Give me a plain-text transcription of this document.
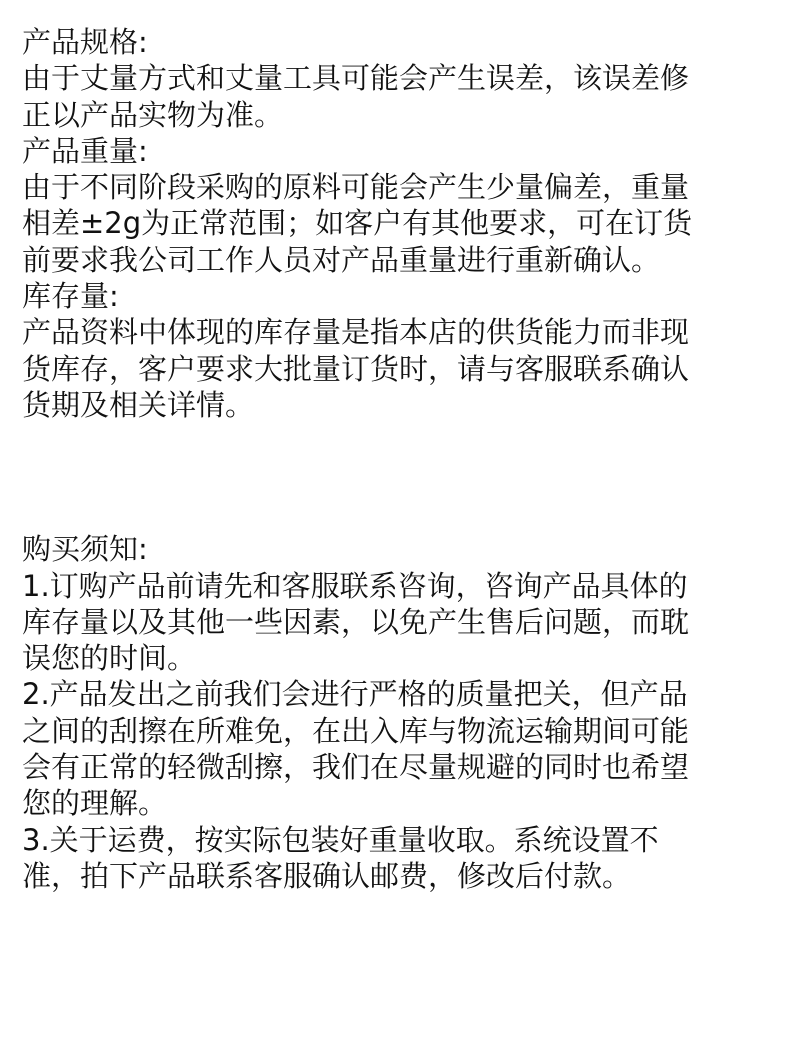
产品规格:
由于丈量方式和丈量工具可能会产生误差，该误差修
正以产品实物为准。
产品重量:
由于不同阶段采购的原料可能会产生少量偏差，重量
相差±2g为正常范围；如客户有其他要求，可在订货
前要求我公司工作人员对产品重量进行重新确认。
库存量:
产品资料中体现的库存量是指本店的供货能力而非现
货库存，客户要求大批量订货时，请与客服联系确认
货期及相关详情。
购买须知:
1.订购产品前请先和客服联系咨询，咨询产品具体的
库存量以及其他一些因素，以免产生售后问题，而耽
误您的时间。
2.产品发出之前我们会进行严格的质量把关，但产品
之间的刮擦在所难免，在出入库与物流运输期间可能
会有正常的轻微刮擦，我们在尽量规避的同时也希望
您的理解。
3.关于运费，按实际包装好重量收取。系统设置不
准，拍下产品联系客服确认邮费，修改后付款。
